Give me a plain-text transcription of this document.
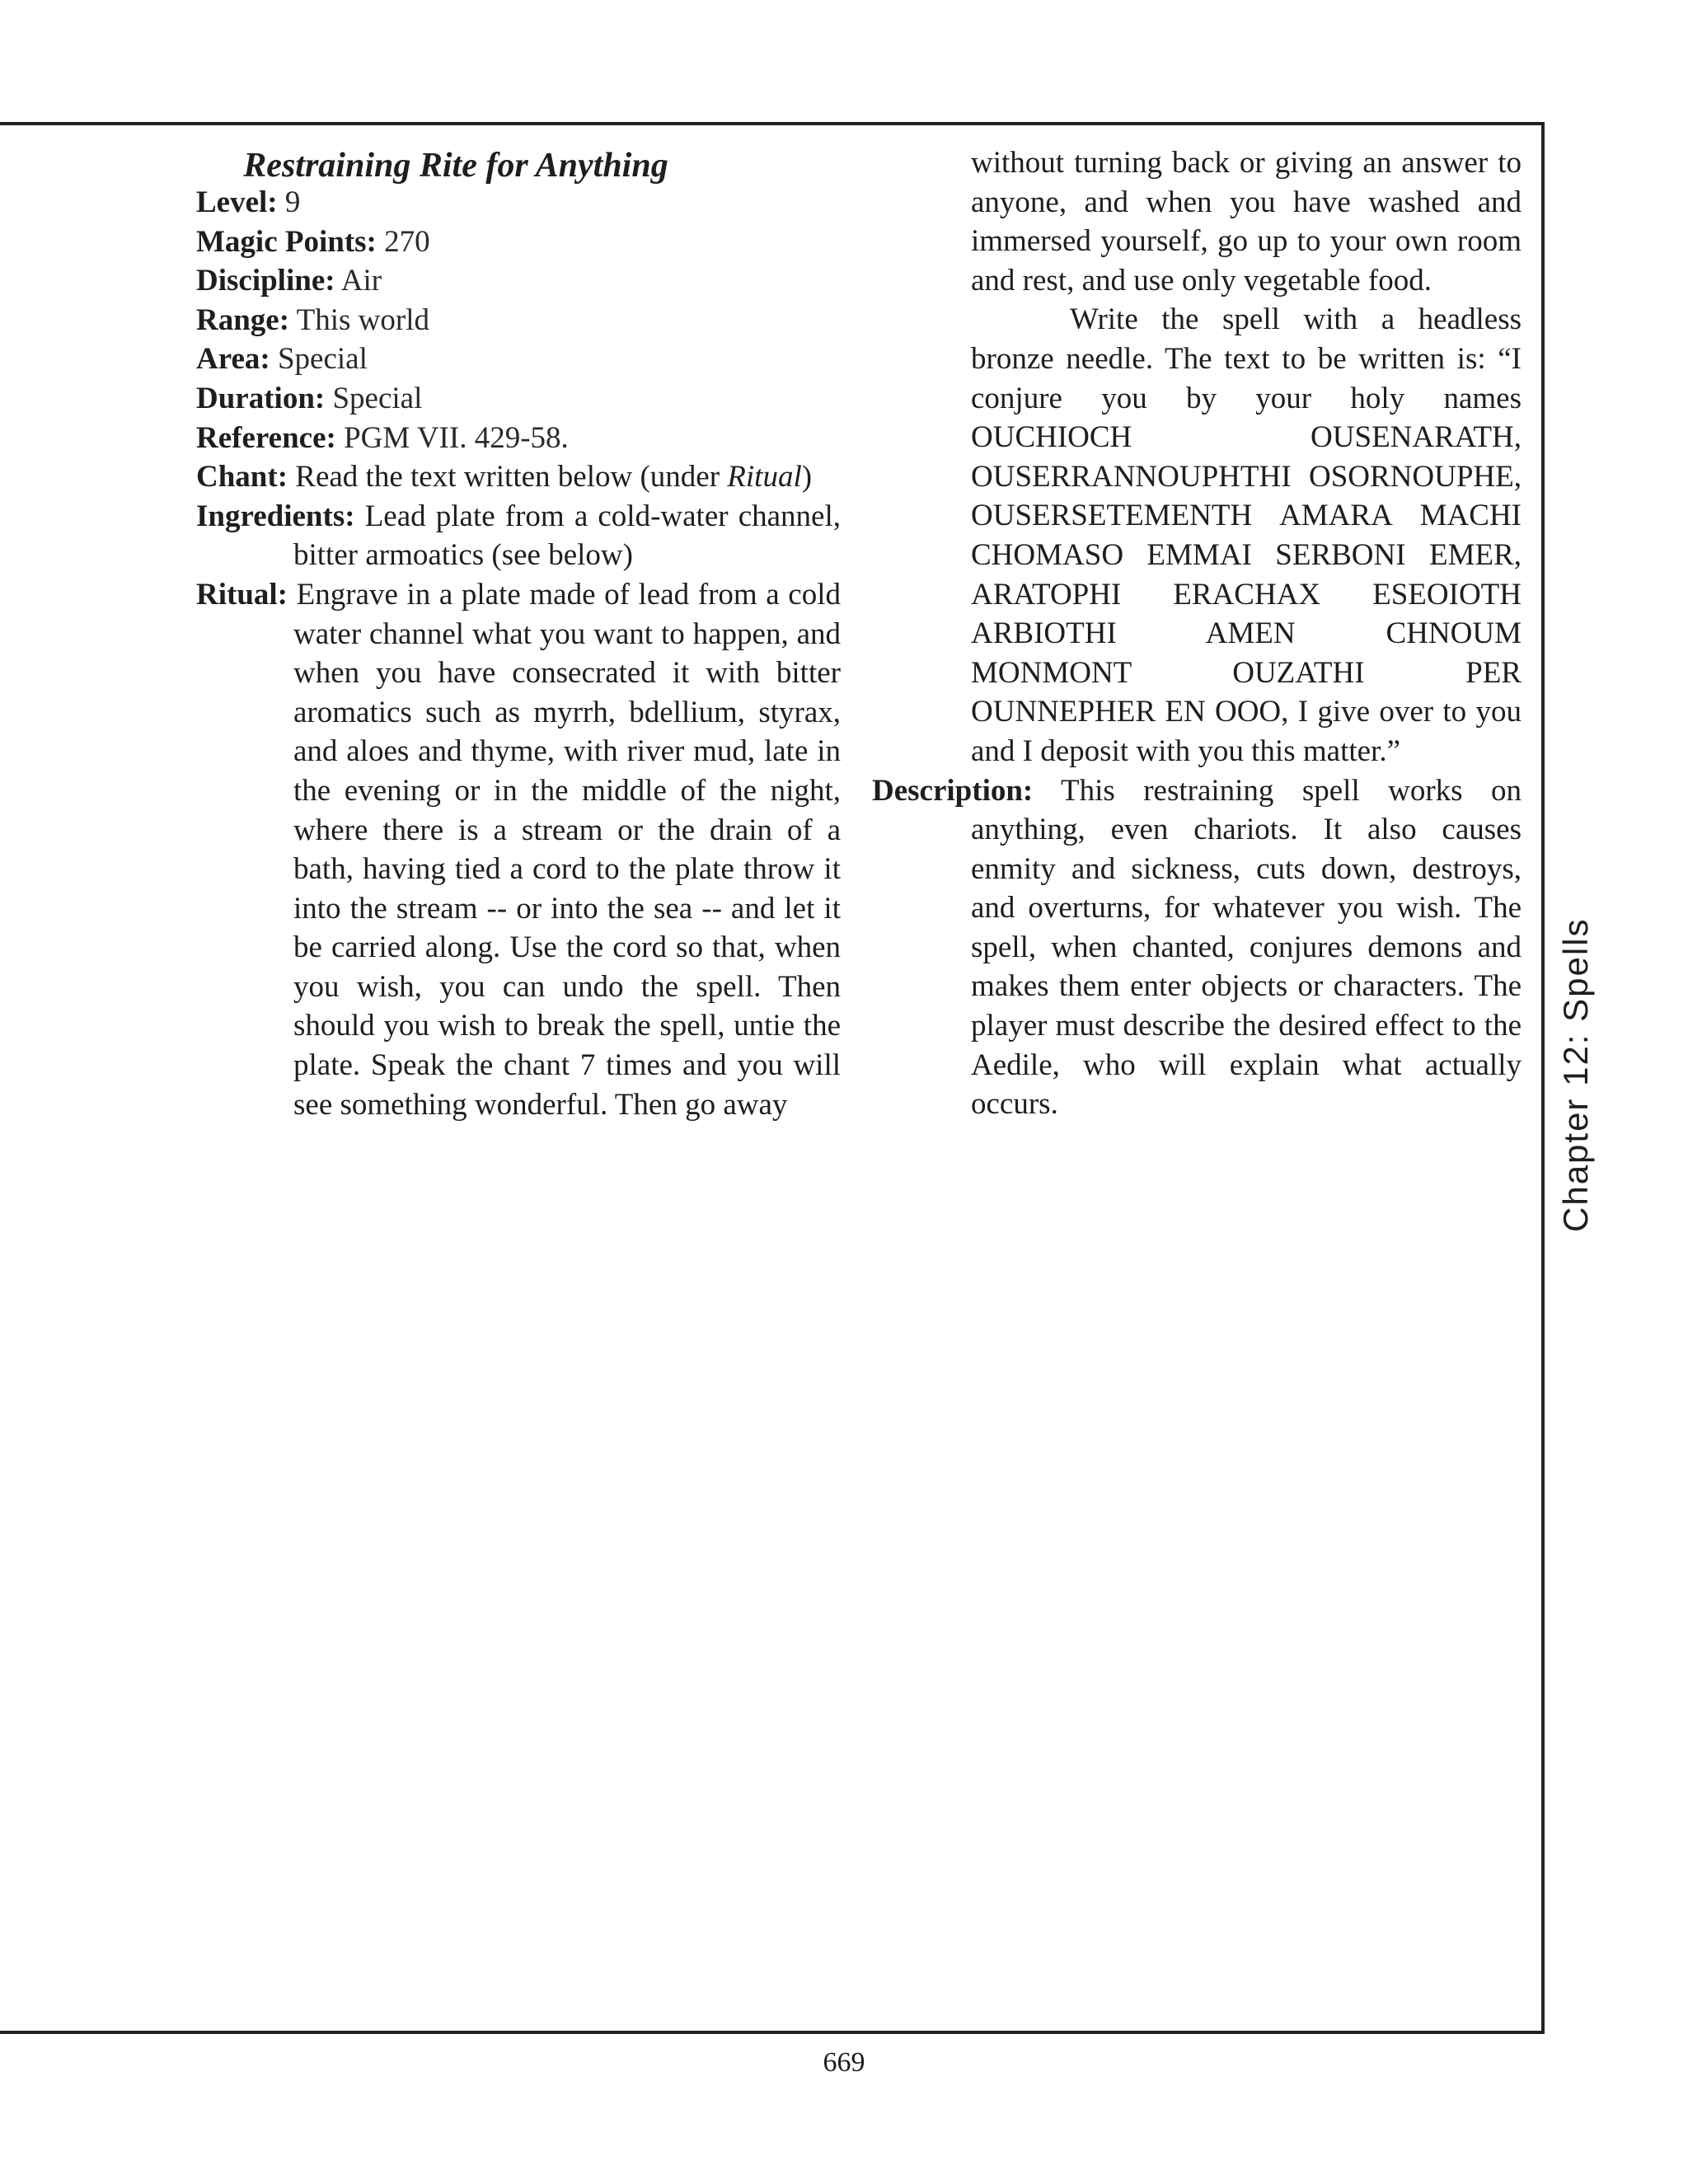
Chapter 12: Spells
Restraining Rite for Anything

Level: 9

Magic Points: 270

Discipline: Air

Range: This world

Area: Special

Duration: Special

Reference: PGM VII. 429-58.

Chant: Read the text written below (under Ritual)

Ingredients: Lead plate from a cold-water channel, bitter armoatics (see below)

Ritual: Engrave in a plate made of lead from a cold water channel what you want to happen, and when you have consecrated it with bitter aromatics such as myrrh, bdellium, styrax, and aloes and thyme, with river mud, late in the evening or in the middle of the night, where there is a stream or the drain of a bath, having tied a cord to the plate throw it into the stream -- or into the sea -- and let it be carried along. Use the cord so that, when you wish, you can undo the spell. Then should you wish to break the spell, untie the plate. Speak the chant 7 times and you will see something wonderful. Then go away

without turning back or giving an answer to anyone, and when you have washed and immersed yourself, go up to your own room and rest, and use only vegetable food.

Write the spell with a headless bronze needle. The text to be written is: “I conjure you by your holy names OUCHIOCH OUSENARATH, OUSERRANNOUPHTHI OSORNOUPHE, OUSERSETEMENTH AMARA MACHI CHOMASO EMMAI SERBONI EMER, ARATOPHI ERACHAX ESEOIOTH ARBIOTHI AMEN CHNOUM MONMONT OUZATHI PER OUNNEPHER EN OOO, I give over to you and I deposit with you this matter.”

Description: This restraining spell works on anything, even chariots. It also causes enmity and sickness, cuts down, destroys, and overturns, for whatever you wish. The spell, when chanted, conjures demons and makes them enter objects or characters. The player must describe the desired effect to the Aedile, who will explain what actually occurs.

669
